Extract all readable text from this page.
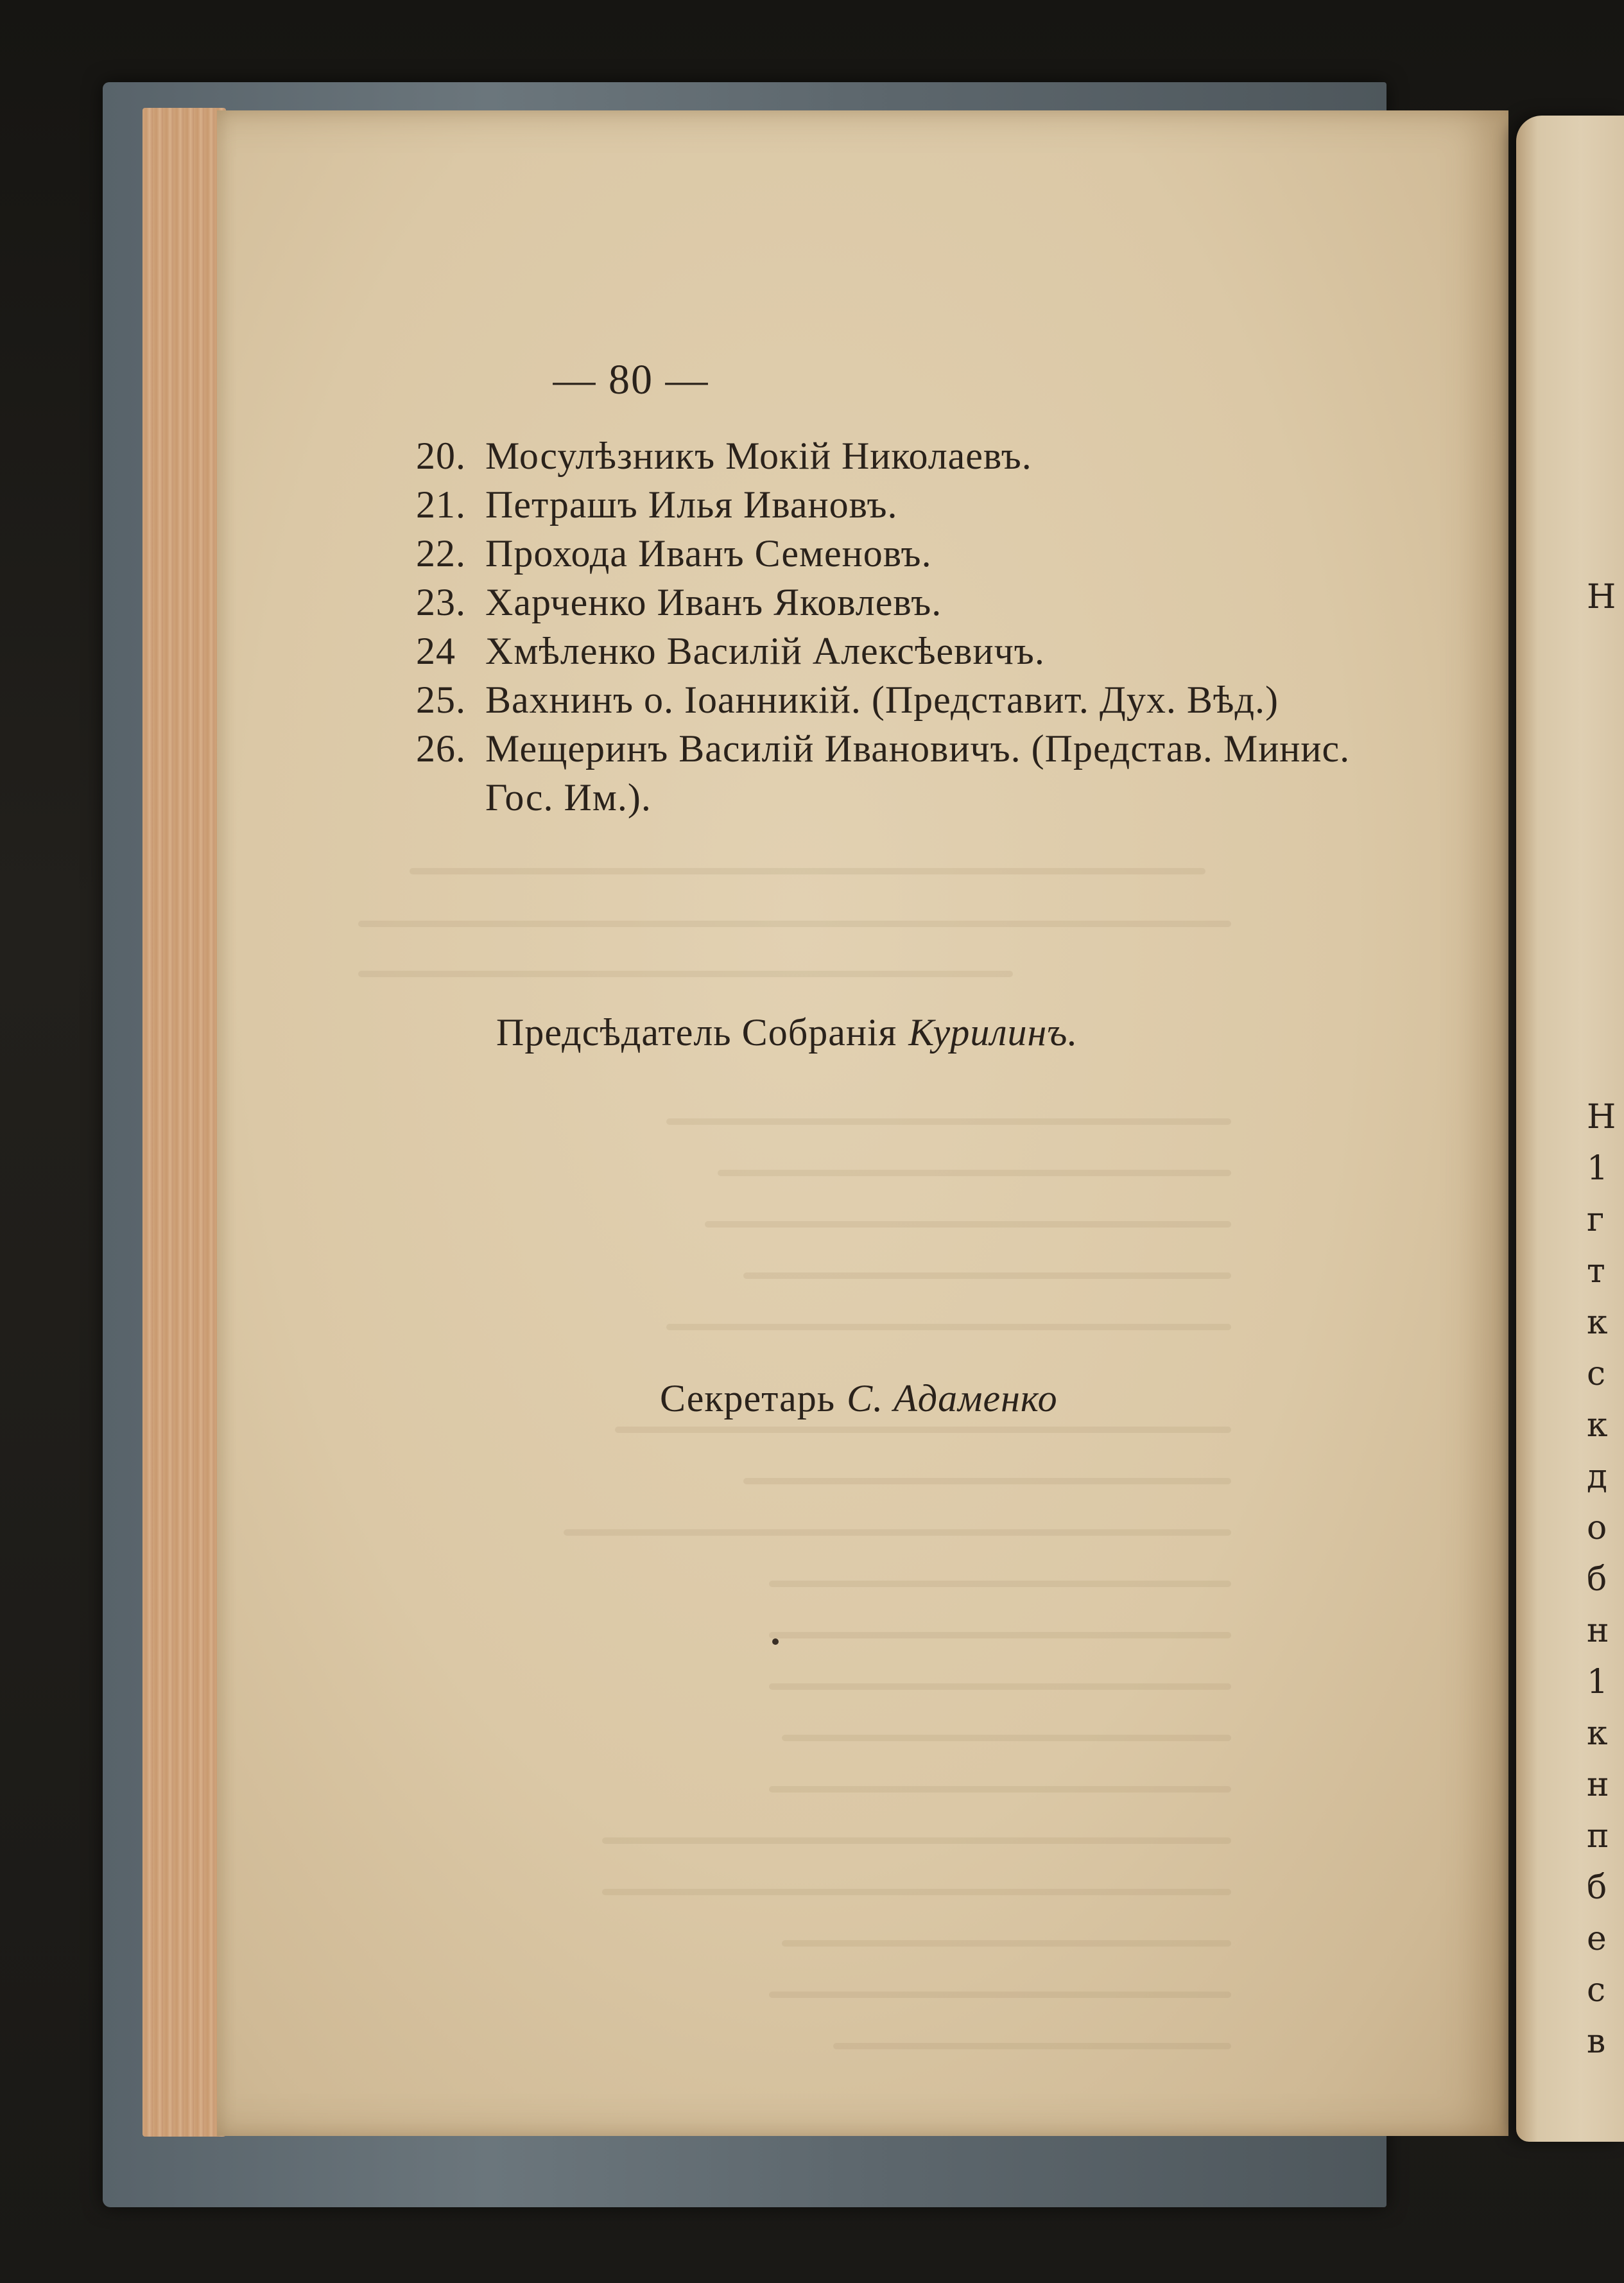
— 80 —
20. Мосулѣзникъ Мокій Николаевъ.
21. Петрашъ Илья Ивановъ.
22. Прохода Иванъ Семеновъ.
23. Харченко Иванъ Яковлевъ.
24 Хмѣленко Василій Алексѣевичъ.
25. Вахнинъ о. Іоанникій. (Представит. Дух. Вѣд.)
26. Мещеринъ Василій Ивановичъ. (Представ. Минис.
Гос. Им.).
Предсѣдатель Собранія Курилинъ.
Секретарь С. Адаменко
Н
Н
1
г
т
к
с
к
д
о
б
н
1
к
н
п
б
е
с
в
